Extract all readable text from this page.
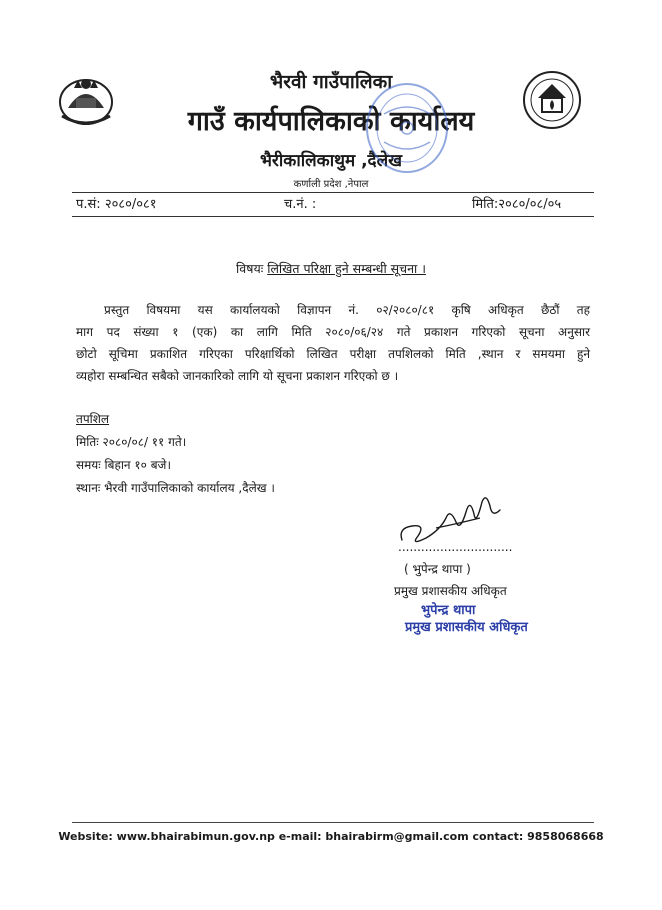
भैरवी गाउँपालिका
गाउँ कार्यपालिकाको कार्यालय
भैरीकालिकाथुम ,दैलेख
कर्णाली प्रदेश ,नेपाल
प.सं: २०८०/०८१	च.नं. :	मिति:२०८०/०८/०५
विषयः लिखित परिक्षा हुने सम्बन्धी सूचना ।
प्रस्तुत विषयमा यस कार्यालयको विज्ञापन नं. ०२/२०८०/८१ कृषि अधिकृत छैठौं तह
माग पद संख्या १ (एक) का लागि मिति २०८०/०६/२४ गते प्रकाशन गरिएको सूचना अनुसार
छोटो सूचिमा प्रकाशित गरिएका परिक्षार्थिको लिखित परीक्षा तपशिलको मिति ,स्थान र समयमा हुने
व्यहोरा सम्बन्धित सबैको जानकारिको लागि यो सूचना प्रकाशन गरिएको छ ।
तपशिल
मितिः २०८०/०८/ ११ गते।
समयः बिहान १० बजे।
स्थानः भैरवी गाउँपालिकाको कार्यालय ,दैलेख ।
..............................
( भुपेन्द्र थापा )
प्रमुख प्रशासकीय अधिकृत
भुपेन्द्र थापा
प्रमुख प्रशासकीय अधिकृत
Website: www.bhairabimun.gov.np e-mail: bhairabirm@gmail.com contact: 9858068668
